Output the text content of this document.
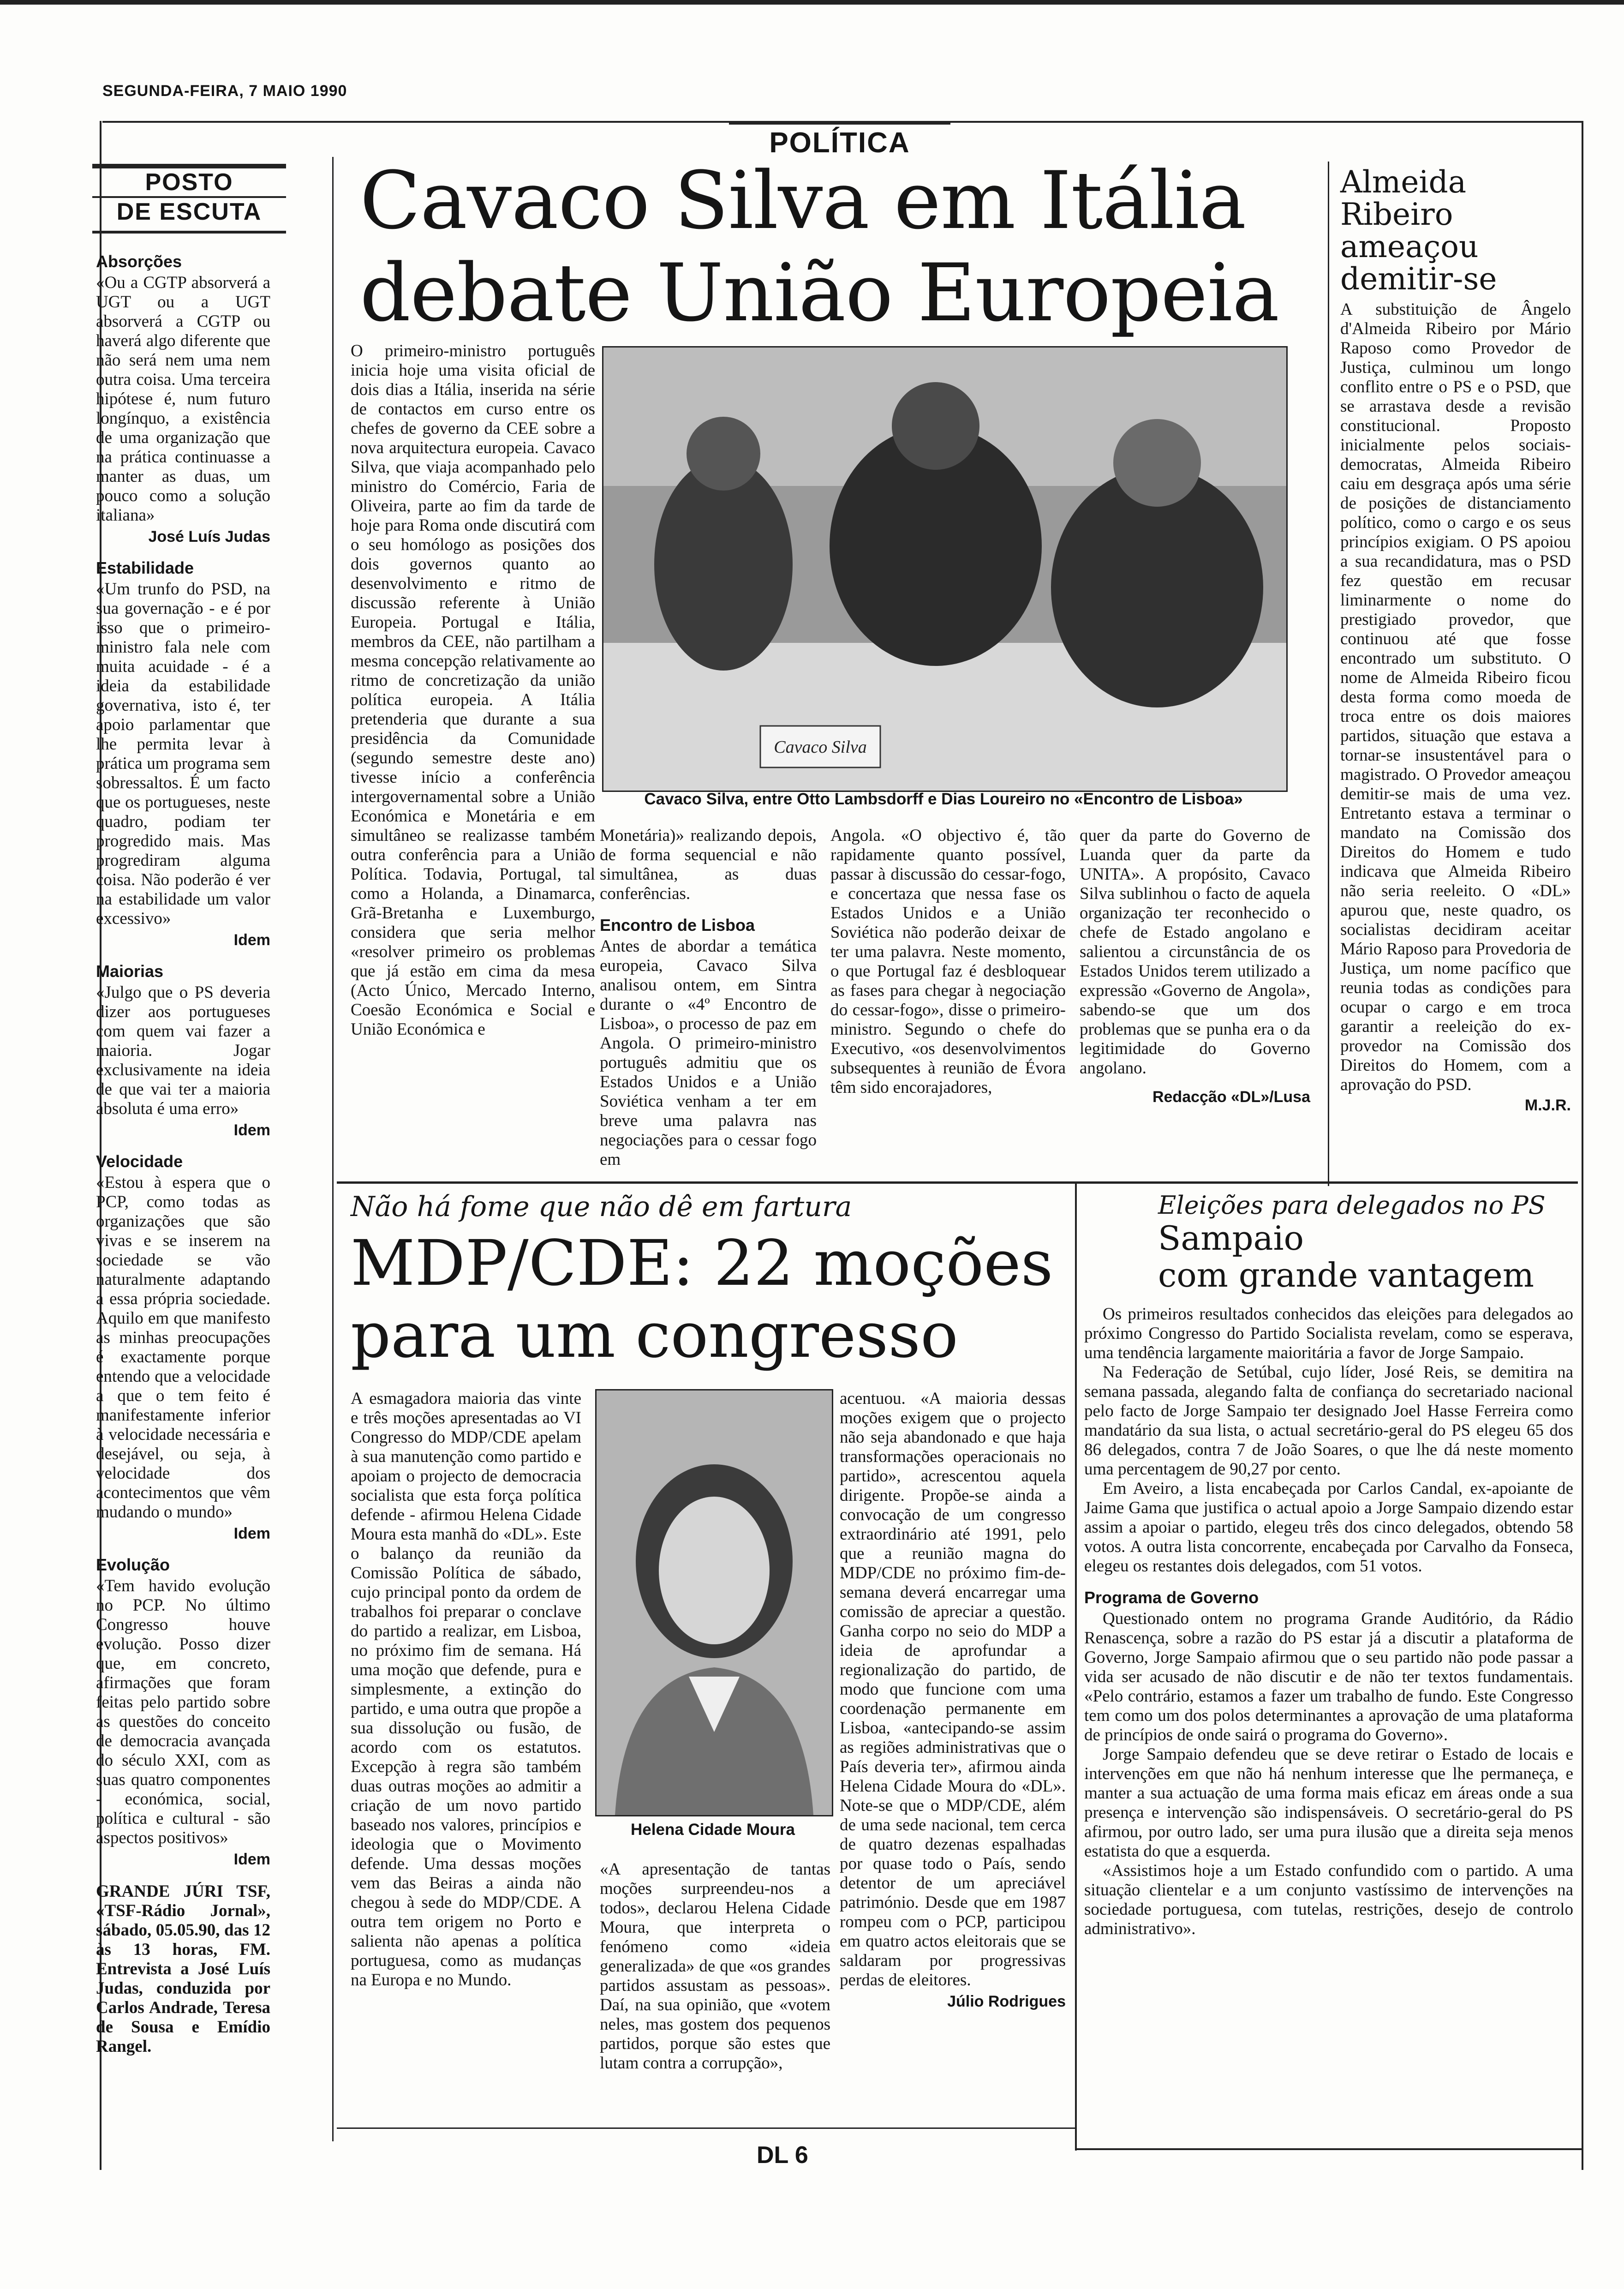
SEGUNDA-FEIRA, 7 MAIO 1990
POLÍTICA
POSTO
DE ESCUTA
Absorções
«Ou a CGTP absorverá a UGT ou a UGT absorverá a CGTP ou haverá algo diferente que não será nem uma nem outra coisa. Uma terceira hipótese é, num futuro longínquo, a existência de uma organização que na prática continuasse a manter as duas, um pouco como a solução italiana»
José Luís Judas
Estabilidade
«Um trunfo do PSD, na sua governação - e é por isso que o primeiro-ministro fala nele com muita acuidade - é a ideia da estabilidade governativa, isto é, ter apoio parlamentar que lhe permita levar à prática um programa sem sobressaltos. É um facto que os portugueses, neste quadro, podiam ter progredido mais. Mas progrediram alguma coisa. Não poderão é ver na estabilidade um valor excessivo»
Idem
Maiorias
«Julgo que o PS deveria dizer aos portugueses com quem vai fazer a maioria. Jogar exclusivamente na ideia de que vai ter a maioria absoluta é uma erro»
Idem
Velocidade
«Estou à espera que o PCP, como todas as organizações que são vivas e se inserem na sociedade se vão naturalmente adaptando a essa própria sociedade. Aquilo em que manifesto as minhas preocupações é exactamente porque entendo que a velocidade a que o tem feito é manifestamente inferior à velocidade necessária e desejável, ou seja, à velocidade dos acontecimentos que vêm mudando o mundo»
Idem
Evolução
«Tem havido evolução no PCP. No último Congresso houve evolução. Posso dizer que, em concreto, afirmações que foram feitas pelo partido sobre as questões do conceito de democracia avançada do século XXI, com as suas quatro componentes - económica, social, política e cultural - são aspectos positivos»
Idem
GRANDE JÚRI TSF, «TSF-Rádio Jornal», sábado, 05.05.90, das 12 às 13 horas, FM. Entrevista a José Luís Judas, conduzida por Carlos Andrade, Teresa de Sousa e Emídio Rangel.
Cavaco Silva em Itália
debate União Europeia
O primeiro-ministro português inicia hoje uma visita oficial de dois dias a Itália, inserida na série de contactos em curso entre os chefes de governo da CEE sobre a nova arquitectura europeia. Cavaco Silva, que viaja acompanhado pelo ministro do Comércio, Faria de Oliveira, parte ao fim da tarde de hoje para Roma onde discutirá com o seu homólogo as posições dos dois governos quanto ao desenvolvimento e ritmo de discussão referente à União Europeia. Portugal e Itália, membros da CEE, não partilham a mesma concepção relativamente ao ritmo de concretização da união política europeia. A Itália pretenderia que durante a sua presidência da Comunidade (segundo semestre deste ano) tivesse início a conferência intergovernamental sobre a União Económica e Monetária e em simultâneo se realizasse também outra conferência para a União Política. Todavia, Portugal, tal como a Holanda, a Dinamarca, Grã-Bretanha e Luxemburgo, considera que seria melhor «resolver primeiro os problemas que já estão em cima da mesa (Acto Único, Mercado Interno, Coesão Económica e Social e União Económica e
Cavaco Silva
Cavaco Silva, entre Otto Lambsdorff e Dias Loureiro no «Encontro de Lisboa»
Monetária)» realizando depois, de forma sequencial e não simultânea, as duas conferências.
Encontro de Lisboa
Antes de abordar a temática europeia, Cavaco Silva analisou ontem, em Sintra durante o «4º Encontro de Lisboa», o processo de paz em Angola. O primeiro-ministro português admitiu que os Estados Unidos e a União Soviética venham a ter em breve uma palavra nas negociações para o cessar fogo em
Angola. «O objectivo é, tão rapidamente quanto possível, passar à discussão do cessar-fogo, e concertaza que nessa fase os Estados Unidos e a União Soviética não poderão deixar de ter uma palavra. Neste momento, o que Portugal faz é desbloquear as fases para chegar à negociação do cessar-fogo», disse o primeiro-ministro. Segundo o chefe do Executivo, «os desenvolvimentos subsequentes à reunião de Évora têm sido encorajadores,
quer da parte do Governo de Luanda quer da parte da UNITA». A propósito, Cavaco Silva sublinhou o facto de aquela organização ter reconhecido o chefe de Estado angolano e salientou a circunstância de os Estados Unidos terem utilizado a expressão «Governo de Angola», sabendo-se que um dos problemas que se punha era o da legitimidade do Governo angolano.
Redacção «DL»/Lusa
Almeida Ribeiro ameaçou demitir-se
A substituição de Ângelo d'Almeida Ribeiro por Mário Raposo como Provedor de Justiça, culminou um longo conflito entre o PS e o PSD, que se arrastava desde a revisão constitucional. Proposto inicialmente pelos sociais-democratas, Almeida Ribeiro caiu em desgraça após uma série de posições de distanciamento político, como o cargo e os seus princípios exigiam. O PS apoiou a sua recandidatura, mas o PSD fez questão em recusar liminarmente o nome do prestigiado provedor, que continuou até que fosse encontrado um substituto. O nome de Almeida Ribeiro ficou desta forma como moeda de troca entre os dois maiores partidos, situação que estava a tornar-se insustentável para o magistrado. O Provedor ameaçou demitir-se mais de uma vez. Entretanto estava a terminar o mandato na Comissão dos Direitos do Homem e tudo indicava que Almeida Ribeiro não seria reeleito. O «DL» apurou que, neste quadro, os socialistas decidiram aceitar Mário Raposo para Provedoria de Justiça, um nome pacífico que reunia todas as condições para ocupar o cargo e em troca garantir a reeleição do ex-provedor na Comissão dos Direitos do Homem, com a aprovação do PSD.
M.J.R.
Não há fome que não dê em fartura
MDP/CDE: 22 moções
para um congresso
A esmagadora maioria das vinte e três moções apresentadas ao VI Congresso do MDP/CDE apelam à sua manutenção como partido e apoiam o projecto de democracia socialista que esta força política defende - afirmou Helena Cidade Moura esta manhã do «DL». Este o balanço da reunião da Comissão Política de sábado, cujo principal ponto da ordem de trabalhos foi preparar o conclave do partido a realizar, em Lisboa, no próximo fim de semana. Há uma moção que defende, pura e simplesmente, a extinção do partido, e uma outra que propõe a sua dissolução ou fusão, de acordo com os estatutos. Excepção à regra são também duas outras moções ao admitir a criação de um novo partido baseado nos valores, princípios e ideologia que o Movimento defende. Uma dessas moções vem das Beiras a ainda não chegou à sede do MDP/CDE. A outra tem origem no Porto e salienta não apenas a política portuguesa, como as mudanças na Europa e no Mundo.
Helena Cidade Moura
«A apresentação de tantas moções surpreendeu-nos a todos», declarou Helena Cidade Moura, que interpreta o fenómeno como «ideia generalizada» de que «os grandes partidos assustam as pessoas». Daí, na sua opinião, que «votem neles, mas gostem dos pequenos partidos, porque são estes que lutam contra a corrupção»,
acentuou. «A maioria dessas moções exigem que o projecto não seja abandonado e que haja transformações operacionais no partido», acrescentou aquela dirigente. Propõe-se ainda a convocação de um congresso extraordinário até 1991, pelo que a reunião magna do MDP/CDE no próximo fim-de-semana deverá encarregar uma comissão de apreciar a questão. Ganha corpo no seio do MDP a ideia de aprofundar a regionalização do partido, de modo que funcione com uma coordenação permanente em Lisboa, «antecipando-se assim as regiões administrativas que o País deveria ter», afirmou ainda Helena Cidade Moura do «DL». Note-se que o MDP/CDE, além de uma sede nacional, tem cerca de quatro dezenas espalhadas por quase todo o País, sendo detentor de um apreciável património. Desde que em 1987 rompeu com o PCP, participou em quatro actos eleitorais que se saldaram por progressivas perdas de eleitores.
Júlio Rodrigues
Eleições para delegados no PS
Sampaio
com grande vantagem
Os primeiros resultados conhecidos das eleições para delegados ao próximo Congresso do Partido Socialista revelam, como se esperava, uma tendência largamente maioritária a favor de Jorge Sampaio.
Na Federação de Setúbal, cujo líder, José Reis, se demitira na semana passada, alegando falta de confiança do secretariado nacional pelo facto de Jorge Sampaio ter designado Joel Hasse Ferreira como mandatário da sua lista, o actual secretário-geral do PS elegeu 65 dos 86 delegados, contra 7 de João Soares, o que lhe dá neste momento uma percentagem de 90,27 por cento.
Em Aveiro, a lista encabeçada por Carlos Candal, ex-apoiante de Jaime Gama que justifica o actual apoio a Jorge Sampaio dizendo estar assim a apoiar o partido, elegeu três dos cinco delegados, obtendo 58 votos. A outra lista concorrente, encabeçada por Carvalho da Fonseca, elegeu os restantes dois delegados, com 51 votos.
Programa de Governo
Questionado ontem no programa Grande Auditório, da Rádio Renascença, sobre a razão do PS estar já a discutir a plataforma de Governo, Jorge Sampaio afirmou que o seu partido não pode passar a vida ser acusado de não discutir e de não ter textos fundamentais. «Pelo contrário, estamos a fazer um trabalho de fundo. Este Congresso tem como um dos polos determinantes a aprovação de uma plataforma de princípios de onde sairá o programa do Governo».
Jorge Sampaio defendeu que se deve retirar o Estado de locais e intervenções em que não há nenhum interesse que lhe permaneça, e manter a sua actuação de uma forma mais eficaz em áreas onde a sua presença e intervenção são indispensáveis. O secretário-geral do PS afirmou, por outro lado, ser uma pura ilusão que a direita seja menos estatista do que a esquerda.
«Assistimos hoje a um Estado confundido com o partido. A uma situação clientelar e a um conjunto vastíssimo de intervenções na sociedade portuguesa, com tutelas, restrições, desejo de controlo administrativo».
DL 6
